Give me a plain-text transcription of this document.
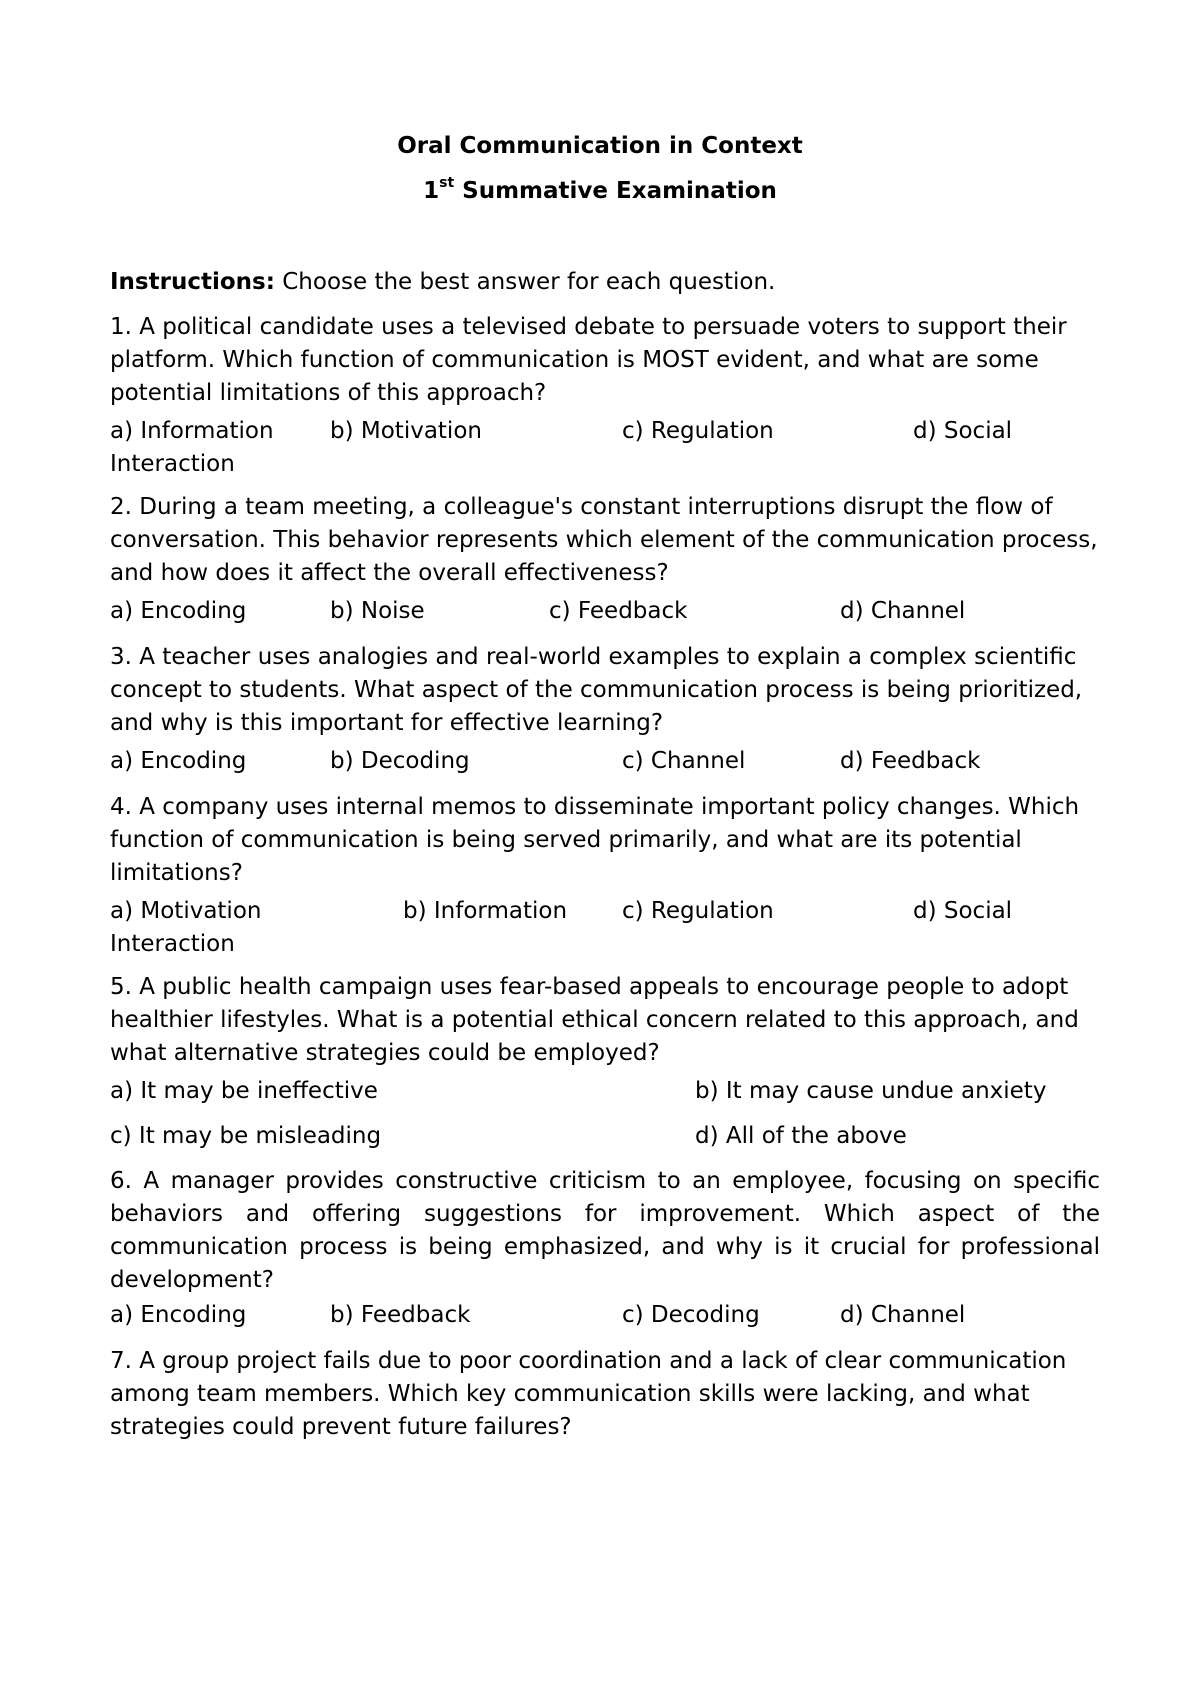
Oral Communication in Context
1st Summative Examination
Instructions: Choose the best answer for each question.

1. A political candidate uses a televised debate to persuade voters to support their platform. Which function of communication is MOST evident, and what are some potential limitations of this approach?

a) Information b) Motivation	c) Regulation	d) Social
Interaction

2. During a team meeting, a colleague's constant interruptions disrupt the flow of conversation. This behavior represents which element of the communication process, and how does it affect the overall effectiveness?

a) Encoding	b) Noise	c) Feedback	d) Channel

3. A teacher uses analogies and real-world examples to explain a complex scientific concept to students. What aspect of the communication process is being prioritized, and why is this important for effective learning?

a) Encoding	b) Decoding	c) Channel	d) Feedback

4. A company uses internal memos to disseminate important policy changes. Which function of communication is being served primarily, and what are its potential limitations?

a) Motivation	b) Information c) Regulation	d) Social
Interaction

5. A public health campaign uses fear-based appeals to encourage people to adopt healthier lifestyles. What is a potential ethical concern related to this approach, and what alternative strategies could be employed?

a) It may be ineffective	b) It may cause undue anxiety
c) It may be misleading	d) All of the above

6. A manager provides constructive criticism to an employee, focusing on specific behaviors and offering suggestions for improvement. Which aspect of the communication process is being emphasized, and why is it crucial for professional development?

a) Encoding	b) Feedback	c) Decoding	d) Channel

7. A group project fails due to poor coordination and a lack of clear communication among team members. Which key communication skills were lacking, and what strategies could prevent future failures?
